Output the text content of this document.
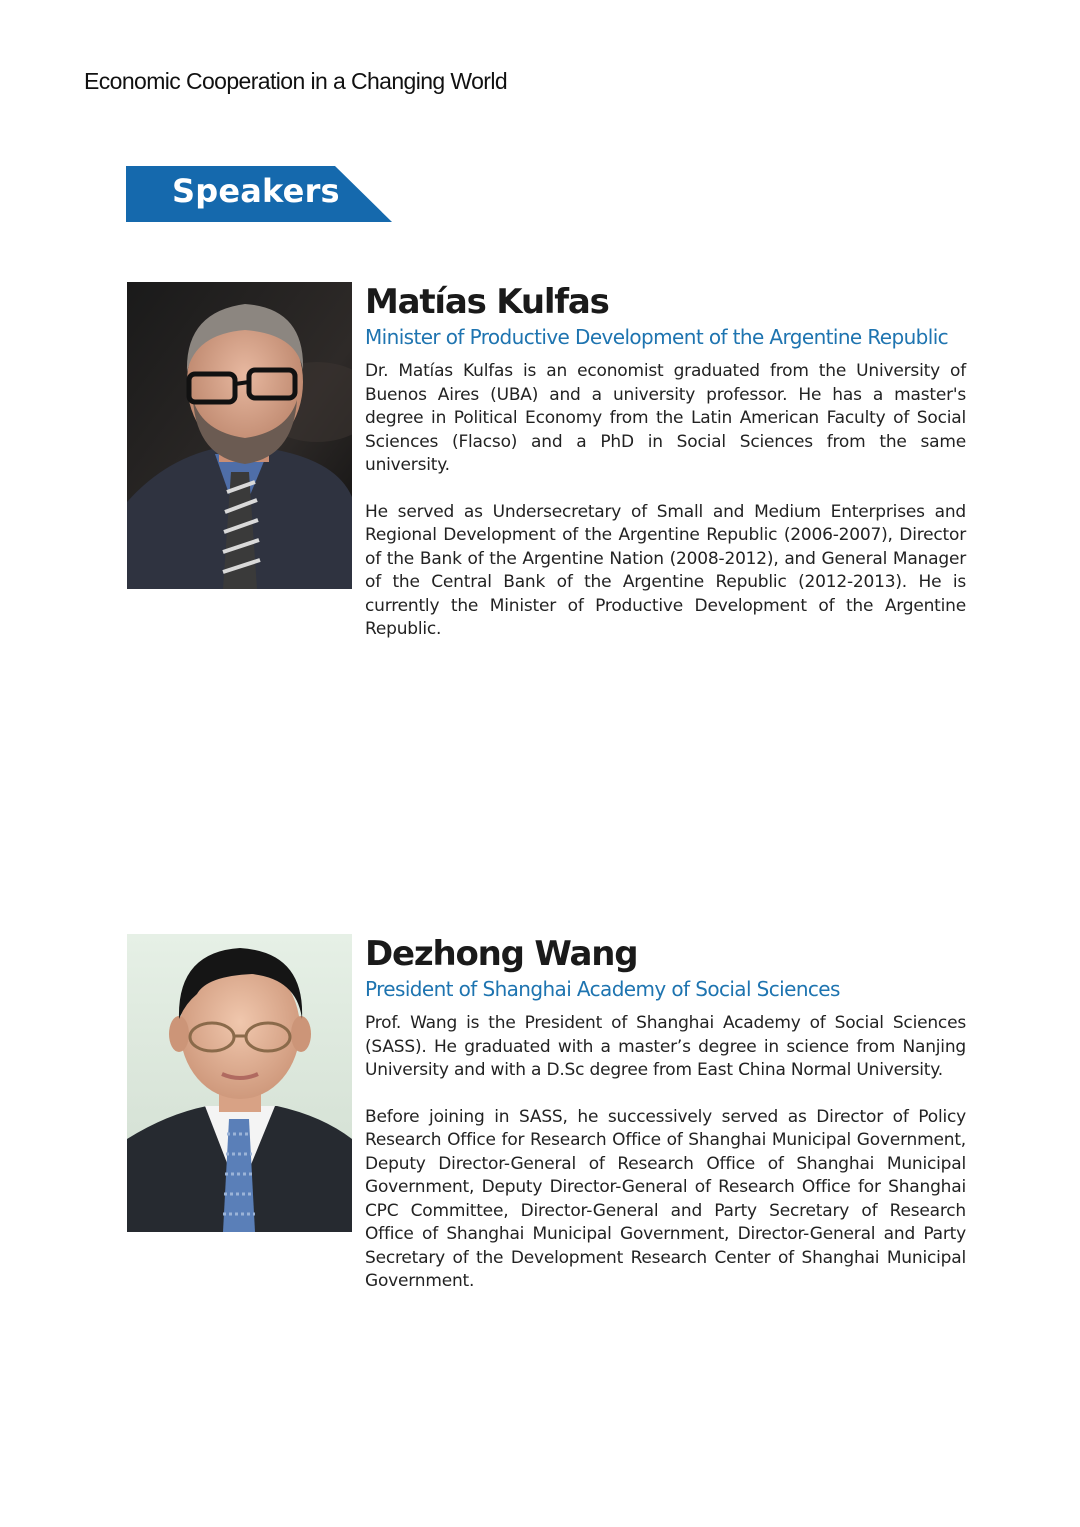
Economic Cooperation in a Changing World
Speakers
Matías Kulfas
Minister of Productive Development of the Argentine Republic

Dr. Matías Kulfas is an economist graduated from the University of Buenos Aires (UBA) and a university professor. He has a master's degree in Political Economy from the Latin American Faculty of Social Sciences (Flacso) and a PhD in Social Sciences from the same university.

He served as Undersecretary of Small and Medium Enterprises and Regional Development of the Argentine Republic (2006-2007), Director of the Bank of the Argentine Nation (2008-2012), and General Manager of the Central Bank of the Argentine Republic (2012-2013). He is currently the Minister of Productive Development of the Argentine Republic.

Dezhong Wang
President of Shanghai Academy of Social Sciences

Prof. Wang is the President of Shanghai Academy of Social Sciences (SASS). He graduated with a master’s degree in science from Nanjing University and with a D.Sc degree from East China Normal University.

Before joining in SASS, he successively served as Director of Policy Research Office for Research Office of Shanghai Municipal Government, Deputy Director-General of Research Office of Shanghai Municipal Government, Deputy Director-General of Research Office for Shanghai CPC Committee, Director-General and Party Secretary of Research Office of Shanghai Municipal Government, Director-General and Party Secretary of the Development Research Center of Shanghai Municipal Government.
